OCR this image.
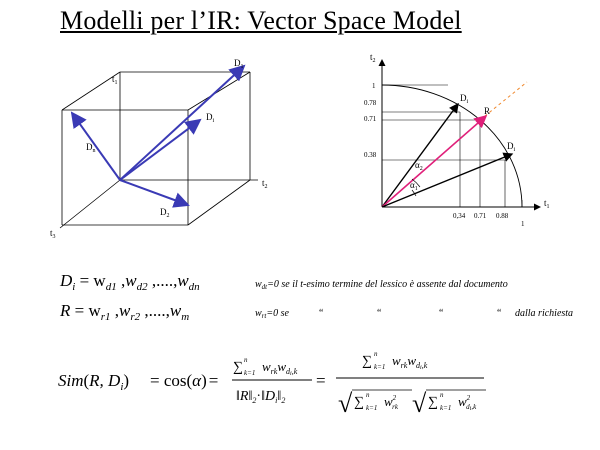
Modelli per l’IR: Vector Space Model
$t_1$
$t_2$
$t_3$
$D_1$
$D_i$
$D_n$
$D_2$
$t_2$
$t_1$
1
0.78
0.71
0.38
0,34 0.71 0.88
1
$D_i$
R
$D_i$
$\alpha_2$
$\alpha_1$
$D_i = w_{d1}$ $,w_{d2}$ $,....,w_{dn}$
$R = w_{r1}$ $,w_{r2}$ $,....,w_m$
$w_{dt}=0$ se il t-esimo termine del lessico è assente dal documento
$w_{rt}=0$ se	“	“	“	“ dalla richiesta
Sim(R, $D_i) = \cos(\alpha)$ =
∑ n
k=1 $w_{rk}w_di,k$
$‖R‖_2\cdot‖D_i‖_2$
=
∑ n
k=1 $w_{rk}w_di,k$
√ ∑ n
k=1 $w^2$ rk √ ∑ n
k=1 $w^2$ di,k
